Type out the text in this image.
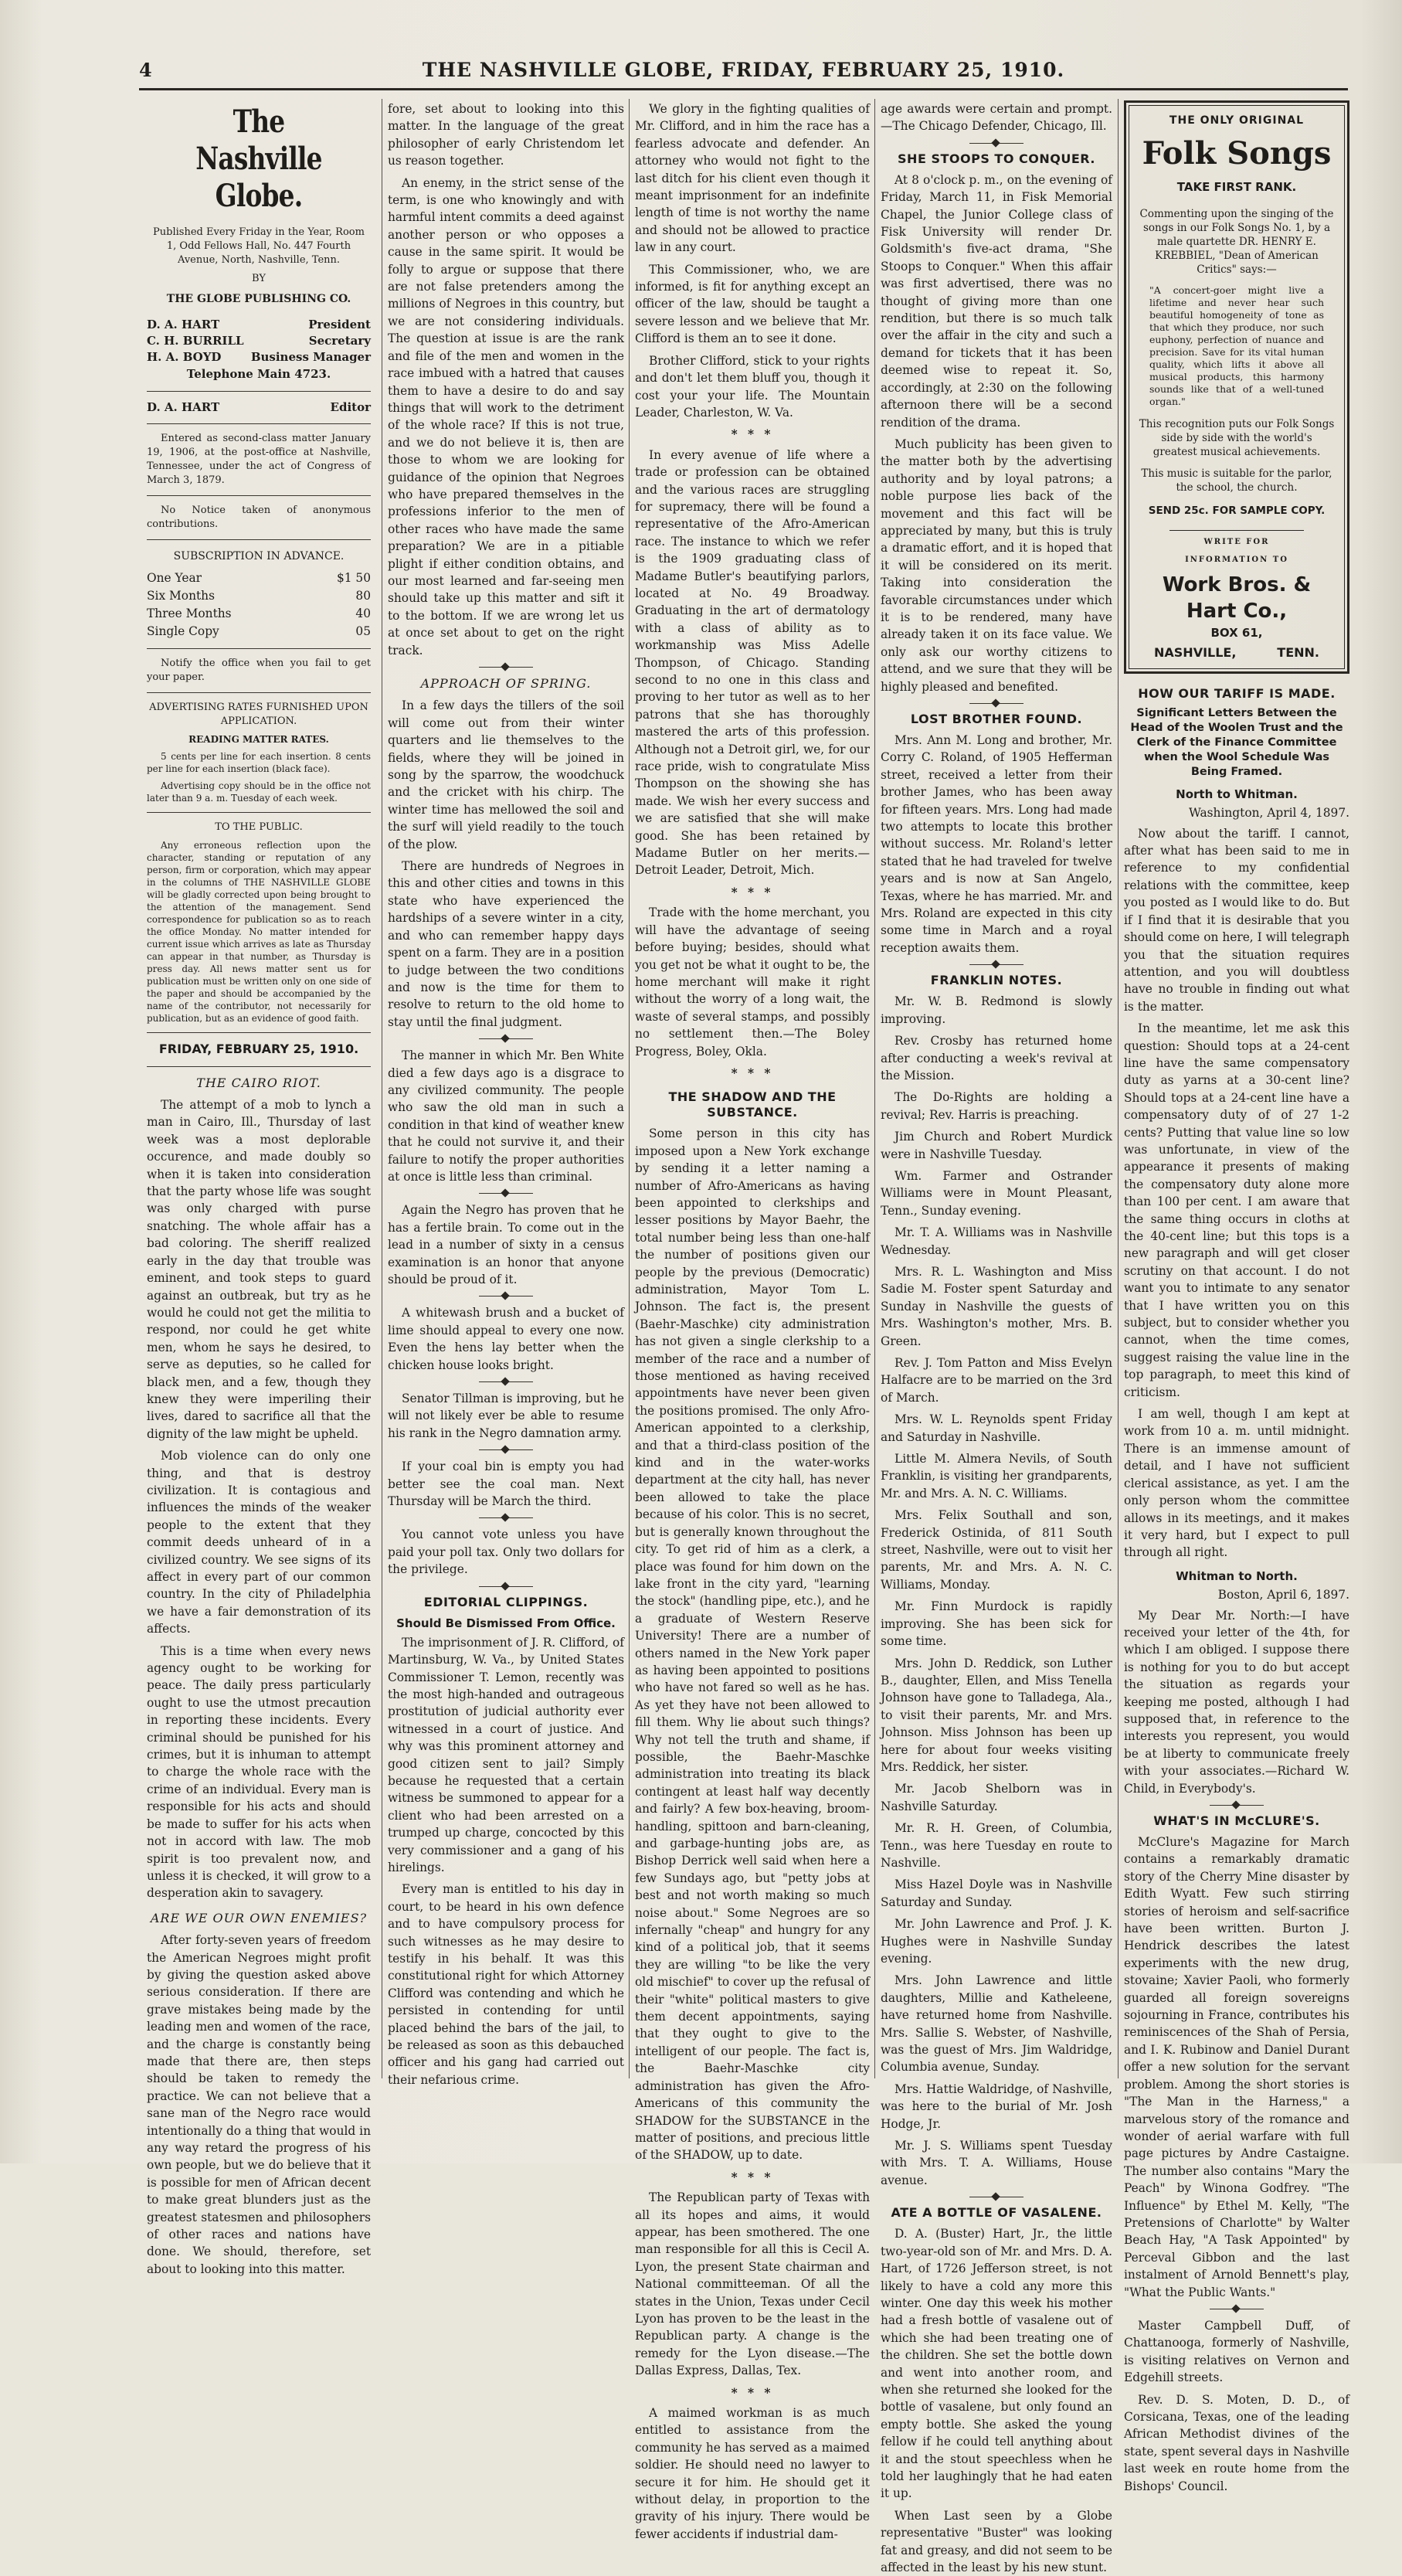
4	THE NASHVILLE GLOBE, FRIDAY, FEBRUARY 25, 1910.
The Nashville Globe.

Published Every Friday in the Year, Room 1, Odd Fellows Hall, No. 447 Fourth Avenue, North, Nashville, Tenn.

BY

THE GLOBE PUBLISHING CO.

D. A. HART	President
C. H. BURRILL	Secretary
H. A. BOYD	Business Manager
Telephone Main 4723.
D. A. HART	Editor

Entered as second-class matter January 19, 1906, at the post-office at Nashville, Tennessee, under the act of Congress of March 3, 1879.

No Notice taken of anonymous contributions.

SUBSCRIPTION IN ADVANCE.

One Year	$1 50
Six Months	80
Three Months	40
Single Copy	05

Notify the office when you fail to get your paper.

ADVERTISING RATES FURNISHED UPON APPLICATION.

READING MATTER RATES.

5 cents per line for each insertion. 8 cents per line for each insertion (black face).

Advertising copy should be in the office not later than 9 a. m. Tuesday of each week.

TO THE PUBLIC.

Any erroneous reflection upon the character, standing or reputation of any person, firm or corporation, which may appear in the columns of THE NASHVILLE GLOBE will be gladly corrected upon being brought to the attention of the management. Send correspondence for publication so as to reach the office Monday. No matter intended for current issue which arrives as late as Thursday can appear in that number, as Thursday is press day. All news matter sent us for publication must be written only on one side of the paper and should be accompanied by the name of the contributor, not necessarily for publication, but as an evidence of good faith.

FRIDAY, FEBRUARY 25, 1910.
THE CAIRO RIOT.

The attempt of a mob to lynch a man in Cairo, Ill., Thursday of last week was a most deplorable occurence, and made doubly so when it is taken into consideration that the party whose life was sought was only charged with purse snatching. The whole affair has a bad coloring. The sheriff realized early in the day that trouble was eminent, and took steps to guard against an outbreak, but try as he would he could not get the militia to respond, nor could he get white men, whom he says he desired, to serve as deputies, so he called for black men, and a few, though they knew they were imperiling their lives, dared to sacrifice all that the dignity of the law might be upheld.

Mob violence can do only one thing, and that is destroy civilization. It is contagious and influences the minds of the weaker people to the extent that they commit deeds unheard of in a civilized country. We see signs of its affect in every part of our common country. In the city of Philadelphia we have a fair demonstration of its affects.

This is a time when every news agency ought to be working for peace. The daily press particularly ought to use the utmost precaution in reporting these incidents. Every criminal should be punished for his crimes, but it is inhuman to attempt to charge the whole race with the crime of an individual. Every man is responsible for his acts and should be made to suffer for his acts when not in accord with law. The mob spirit is too prevalent now, and unless it is checked, it will grow to a desperation akin to savagery.

ARE WE OUR OWN ENEMIES?

After forty-seven years of freedom the American Negroes might profit by giving the question asked above serious consideration. If there are grave mistakes being made by the leading men and women of the race, and the charge is constantly being made that there are, then steps should be taken to remedy the practice. We can not believe that a sane man of the Negro race would intentionally do a thing that would in any way retard the progress of his own people, but we do believe that it is possible for men of African decent to make great blunders just as the greatest statesmen and philosophers of other races and nations have done. We should, therefore, set about to looking into this matter.

fore, set about to looking into this matter. In the language of the great philosopher of early Christendom let us reason together.

An enemy, in the strict sense of the term, is one who knowingly and with harmful intent commits a deed against another person or who opposes a cause in the same spirit. It would be folly to argue or suppose that there are not false pretenders among the millions of Negroes in this country, but we are not considering individuals. The question at issue is are the rank and file of the men and women in the race imbued with a hatred that causes them to have a desire to do and say things that will work to the detriment of the whole race? If this is not true, and we do not believe it is, then are those to whom we are looking for guidance of the opinion that Negroes who have prepared themselves in the professions inferior to the men of other races who have made the same preparation? We are in a pitiable plight if either condition obtains, and our most learned and far-seeing men should take up this matter and sift it to the bottom. If we are wrong let us at once set about to get on the right track.

APPROACH OF SPRING.

In a few days the tillers of the soil will come out from their winter quarters and lie themselves to the fields, where they will be joined in song by the sparrow, the woodchuck and the cricket with his chirp. The winter time has mellowed the soil and the surf will yield readily to the touch of the plow.

There are hundreds of Negroes in this and other cities and towns in this state who have experienced the hardships of a severe winter in a city, and who can remember happy days spent on a farm. They are in a position to judge between the two conditions and now is the time for them to resolve to return to the old home to stay until the final judgment.

The manner in which Mr. Ben White died a few days ago is a disgrace to any civilized community. The people who saw the old man in such a condition in that kind of weather knew that he could not survive it, and their failure to notify the proper authorities at once is little less than criminal.

Again the Negro has proven that he has a fertile brain. To come out in the lead in a number of sixty in a census examination is an honor that anyone should be proud of it.

A whitewash brush and a bucket of lime should appeal to every one now. Even the hens lay better when the chicken house looks bright.

Senator Tillman is improving, but he will not likely ever be able to resume his rank in the Negro damnation army.

If your coal bin is empty you had better see the coal man. Next Thursday will be March the third.

You cannot vote unless you have paid your poll tax. Only two dollars for the privilege.

EDITORIAL CLIPPINGS.
Should Be Dismissed From Office.

The imprisonment of J. R. Clifford, of Martinsburg, W. Va., by United States Commissioner T. Lemon, recently was the most high-handed and outrageous prostitution of judicial authority ever witnessed in a court of justice. And why was this prominent attorney and good citizen sent to jail? Simply because he requested that a certain witness be summoned to appear for a client who had been arrested on a trumped up charge, concocted by this very commissioner and a gang of his hirelings.

Every man is entitled to his day in court, to be heard in his own defence and to have compulsory process for such witnesses as he may desire to testify in his behalf. It was this constitutional right for which Attorney Clifford was contending and which he persisted in contending for until placed behind the bars of the jail, to be released as soon as this debauched officer and his gang had carried out their nefarious crime.

We glory in the fighting qualities of Mr. Clifford, and in him the race has a fearless advocate and defender. An attorney who would not fight to the last ditch for his client even though it meant imprisonment for an indefinite length of time is not worthy the name and should not be allowed to practice law in any court.

This Commissioner, who, we are informed, is fit for anything except an officer of the law, should be taught a severe lesson and we believe that Mr. Clifford is them an to see it done.

Brother Clifford, stick to your rights and don't let them bluff you, though it cost your your life. The Mountain Leader, Charleston, W. Va.

* * *

In every avenue of life where a trade or profession can be obtained and the various races are struggling for supremacy, there will be found a representative of the Afro-American race. The instance to which we refer is the 1909 graduating class of Madame Butler's beautifying parlors, located at No. 49 Broadway. Graduating in the art of dermatology with a class of ability as to workmanship was Miss Adelle Thompson, of Chicago. Standing second to no one in this class and proving to her tutor as well as to her patrons that she has thoroughly mastered the arts of this profession. Although not a Detroit girl, we, for our race pride, wish to congratulate Miss Thompson on the showing she has made. We wish her every success and we are satisfied that she will make good. She has been retained by Madame Butler on her merits.—Detroit Leader, Detroit, Mich.

* * *

Trade with the home merchant, you will have the advantage of seeing before buying; besides, should what you get not be what it ought to be, the home merchant will make it right without the worry of a long wait, the waste of several stamps, and possibly no settlement then.—The Boley Progress, Boley, Okla.

* * *
THE SHADOW AND THE SUBSTANCE.

Some person in this city has imposed upon a New York exchange by sending it a letter naming a number of Afro-Americans as having been appointed to clerkships and lesser positions by Mayor Baehr, the total number being less than one-half the number of positions given our people by the previous (Democratic) administration, Mayor Tom L. Johnson. The fact is, the present (Baehr-Maschke) city administration has not given a single clerkship to a member of the race and a number of those mentioned as having received appointments have never been given the positions promised. The only Afro-American appointed to a clerkship, and that a third-class position of the kind and in the water-works department at the city hall, has never been allowed to take the place because of his color. This is no secret, but is generally known throughout the city. To get rid of him as a clerk, a place was found for him down on the lake front in the city yard, "learning the stock" (handling pipe, etc.), and he a graduate of Western Reserve University! There are a number of others named in the New York paper as having been appointed to positions who have not fared so well as he has. As yet they have not been allowed to fill them. Why lie about such things? Why not tell the truth and shame, if possible, the Baehr-Maschke administration into treating its black contingent at least half way decently and fairly? A few box-heaving, broom-handling, spittoon and barn-cleaning, and garbage-hunting jobs are, as Bishop Derrick well said when here a few Sundays ago, but "petty jobs at best and not worth making so much noise about." Some Negroes are so infernally "cheap" and hungry for any kind of a political job, that it seems they are willing "to be like the very old mischief" to cover up the refusal of their "white" political masters to give them decent appointments, saying that they ought to give to the intelligent of our people. The fact is, the Baehr-Maschke city administration has given the Afro-Americans of this community the SHADOW for the SUBSTANCE in the matter of positions, and precious little of the SHADOW, up to date.

* * *

The Republican party of Texas with all its hopes and aims, it would appear, has been smothered. The one man responsible for all this is Cecil A. Lyon, the present State chairman and National committeeman. Of all the states in the Union, Texas under Cecil Lyon has proven to be the least in the Republican party. A change is the remedy for the Lyon disease.—The Dallas Express, Dallas, Tex.

* * *

A maimed workman is as much entitled to assistance from the community he has served as a maimed soldier. He should need no lawyer to secure it for him. He should get it without delay, in proportion to the gravity of his injury. There would be fewer accidents if industrial dam-

age awards were certain and prompt.—The Chicago Defender, Chicago, Ill.

SHE STOOPS TO CONQUER.

At 8 o'clock p. m., on the evening of Friday, March 11, in Fisk Memorial Chapel, the Junior College class of Fisk University will render Dr. Goldsmith's five-act drama, "She Stoops to Conquer." When this affair was first advertised, there was no thought of giving more than one rendition, but there is so much talk over the affair in the city and such a demand for tickets that it has been deemed wise to repeat it. So, accordingly, at 2:30 on the following afternoon there will be a second rendition of the drama.

Much publicity has been given to the matter both by the advertising authority and by loyal patrons; a noble purpose lies back of the movement and this fact will be appreciated by many, but this is truly a dramatic effort, and it is hoped that it will be considered on its merit. Taking into consideration the favorable circumstances under which it is to be rendered, many have already taken it on its face value. We only ask our worthy citizens to attend, and we sure that they will be highly pleased and benefited.

LOST BROTHER FOUND.

Mrs. Ann M. Long and brother, Mr. Corry C. Roland, of 1905 Hefferman street, received a letter from their brother James, who has been away for fifteen years. Mrs. Long had made two attempts to locate this brother without success. Mr. Roland's letter stated that he had traveled for twelve years and is now at San Angelo, Texas, where he has married. Mr. and Mrs. Roland are expected in this city some time in March and a royal reception awaits them.

FRANKLIN NOTES.

Mr. W. B. Redmond is slowly improving.

Rev. Crosby has returned home after conducting a week's revival at the Mission.

The Do-Rights are holding a revival; Rev. Harris is preaching.

Jim Church and Robert Murdick were in Nashville Tuesday.

Wm. Farmer and Ostrander Williams were in Mount Pleasant, Tenn., Sunday evening.

Mr. T. A. Williams was in Nashville Wednesday.

Mrs. R. L. Washington and Miss Sadie M. Foster spent Saturday and Sunday in Nashville the guests of Mrs. Washington's mother, Mrs. B. Green.

Rev. J. Tom Patton and Miss Evelyn Halfacre are to be married on the 3rd of March.

Mrs. W. L. Reynolds spent Friday and Saturday in Nashville.

Little M. Almera Nevils, of South Franklin, is visiting her grandparents, Mr. and Mrs. A. N. C. Williams.

Mrs. Felix Southall and son, Frederick Ostinida, of 811 South street, Nashville, were out to visit her parents, Mr. and Mrs. A. N. C. Williams, Monday.

Mr. Finn Murdock is rapidly improving. She has been sick for some time.

Mrs. John D. Reddick, son Luther B., daughter, Ellen, and Miss Tenella Johnson have gone to Talladega, Ala., to visit their parents, Mr. and Mrs. Johnson. Miss Johnson has been up here for about four weeks visiting Mrs. Reddick, her sister.

Mr. Jacob Shelborn was in Nashville Saturday.

Mr. R. H. Green, of Columbia, Tenn., was here Tuesday en route to Nashville.

Miss Hazel Doyle was in Nashville Saturday and Sunday.

Mr. John Lawrence and Prof. J. K. Hughes were in Nashville Sunday evening.

Mrs. John Lawrence and little daughters, Millie and Katheleene, have returned home from Nashville. Mrs. Sallie S. Webster, of Nashville, was the guest of Mrs. Jim Waldridge, Columbia avenue, Sunday.

Mrs. Hattie Waldridge, of Nashville, was here to the burial of Mr. Josh Hodge, Jr.

Mr. J. S. Williams spent Tuesday with Mrs. T. A. Williams, House avenue.

ATE A BOTTLE OF VASALENE.

D. A. (Buster) Hart, Jr., the little two-year-old son of Mr. and Mrs. D. A. Hart, of 1726 Jefferson street, is not likely to have a cold any more this winter. One day this week his mother had a fresh bottle of vasalene out of which she had been treating one of the children. She set the bottle down and went into another room, and when she returned she looked for the bottle of vasalene, but only found an empty bottle. She asked the young fellow if he could tell anything about it and the stout speechless when he told her laughingly that he had eaten it up.

When Last seen by a Globe representative "Buster" was looking fat and greasy, and did not seem to be affected in the least by his new stunt.

THE ONLY ORIGINAL
Folk Songs
TAKE FIRST RANK.
Commenting upon the singing of the songs in our Folk Songs No. 1, by a male quartette DR. HENRY E. KREBBIEL, "Dean of American Critics" says:—
"A concert-goer might live a lifetime and never hear such beautiful homogeneity of tone as that which they produce, nor such euphony, perfection of nuance and precision. Save for its vital human quality, which lifts it above all musical products, this harmony sounds like that of a well-tuned organ."
This recognition puts our Folk Songs side by side with the world's greatest musical achievements.
This music is suitable for the parlor, the school, the church.
SEND 25c. FOR SAMPLE COPY.
WRITE FOR INFORMATION TO
Work Bros. & Hart Co.,
BOX 61,
NASHVILLE,	TENN.
HOW OUR TARIFF IS MADE.
Significant Letters Between the Head of the Woolen Trust and the Clerk of the Finance Committee when the Wool Schedule Was Being Framed.
North to Whitman.
Washington, April 4, 1897.

Now about the tariff. I cannot, after what has been said to me in reference to my confidential relations with the committee, keep you posted as I would like to do. But if I find that it is desirable that you should come on here, I will telegraph you that the situation requires attention, and you will doubtless have no trouble in finding out what is the matter.

In the meantime, let me ask this question: Should tops at a 24-cent line have the same compensatory duty as yarns at a 30-cent line? Should tops at a 24-cent line have a compensatory duty of of 27 1-2 cents? Putting that value line so low was unfortunate, in view of the appearance it presents of making the compensatory duty alone more than 100 per cent. I am aware that the same thing occurs in cloths at the 40-cent line; but this tops is a new paragraph and will get closer scrutiny on that account. I do not want you to intimate to any senator that I have written you on this subject, but to consider whether you cannot, when the time comes, suggest raising the value line in the top paragraph, to meet this kind of criticism.

I am well, though I am kept at work from 10 a. m. until midnight. There is an immense amount of detail, and I have not sufficient clerical assistance, as yet. I am the only person whom the committee allows in its meetings, and it makes it very hard, but I expect to pull through all right.

Whitman to North.
Boston, April 6, 1897.

My Dear Mr. North:—I have received your letter of the 4th, for which I am obliged. I suppose there is nothing for you to do but accept the situation as regards your keeping me posted, although I had supposed that, in reference to the interests you represent, you would be at liberty to communicate freely with your associates.—Richard W. Child, in Everybody's.

WHAT'S IN McCLURE'S.

McClure's Magazine for March contains a remarkably dramatic story of the Cherry Mine disaster by Edith Wyatt. Few such stirring stories of heroism and self-sacrifice have been written. Burton J. Hendrick describes the latest experiments with the new drug, stovaine; Xavier Paoli, who formerly guarded all foreign sovereigns sojourning in France, contributes his reminiscences of the Shah of Persia, and I. K. Rubinow and Daniel Durant offer a new solution for the servant problem. Among the short stories is "The Man in the Harness," a marvelous story of the romance and wonder of aerial warfare with full page pictures by Andre Castaigne. The number also contains "Mary the Peach" by Winona Godfrey. "The Influence" by Ethel M. Kelly, "The Pretensions of Charlotte" by Walter Beach Hay, "A Task Appointed" by Perceval Gibbon and the last instalment of Arnold Bennett's play, "What the Public Wants."

Master Campbell Duff, of Chattanooga, formerly of Nashville, is visiting relatives on Vernon and Edgehill streets.

Rev. D. S. Moten, D. D., of Corsicana, Texas, one of the leading African Methodist divines of the state, spent several days in Nashville last week en route home from the Bishops' Council.
